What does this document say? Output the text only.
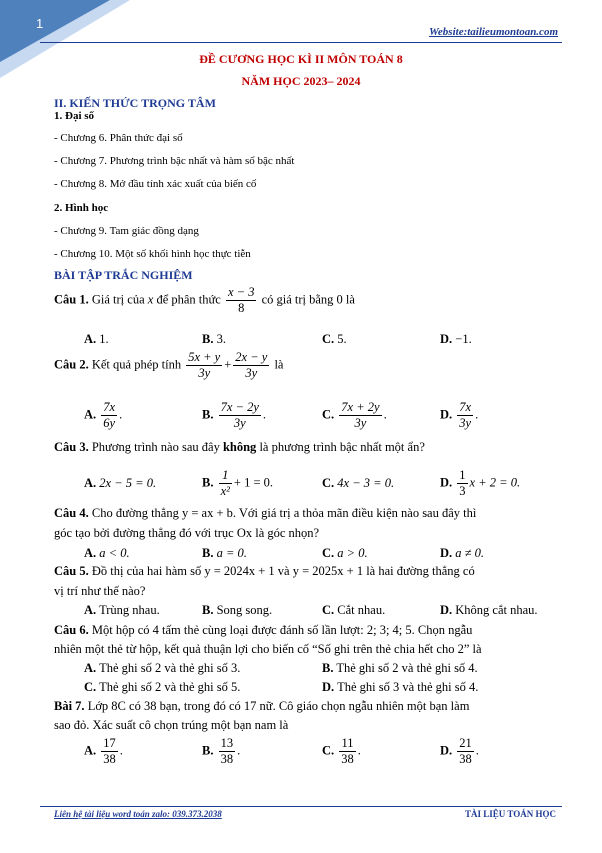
1
Website:tailieumontoan.com
ĐỀ CƯƠNG HỌC KÌ II MÔN TOÁN 8
NĂM HỌC 2023– 2024
II. KIẾN THỨC TRỌNG TÂM
1. Đại số
- Chương 6. Phân thức đại số
- Chương 7. Phương trình bậc nhất và hàm số bậc nhất
- Chương 8. Mở đầu tính xác xuất của biến cố
2. Hình học
- Chương 9. Tam giác đồng dạng
- Chương 10. Một số khối hình học thực tiễn
BÀI TẬP TRẮC NGHIỆM
Câu 1. Giá trị của x để phân thức $\frac{x - 3}{8}$ có giá trị bằng 0 là
A. 1.	B. 3.	C. 5.	D. −1.
Câu 2. Kết quả phép tính $\frac{5x + y}{3y} + \frac{2x - y}{3y}$ là
A. $\frac{7x}{6y}$ .	B. $\frac{7x - 2y}{3y}$ .	C. $\frac{7x + 2y}{3y}$ .	D. $\frac{7x}{3y}$ .
Câu 3. Phương trình nào sau đây không là phương trình bậc nhất một ẩn?
A. 2x − 5 = 0.	B. $\frac{1}{\text{x²}} + 1 = 0$.	C. 4x − 3 = 0.	D. $\frac{1}{3}$ x + 2 = 0.
Câu 4. Cho đường thẳng y = ax + b. Với giá trị a thỏa mãn điều kiện nào sau đây thì
góc tạo bởi đường thẳng đó với trục Ox là góc nhọn?
A. a < 0.	B. a = 0.	C. a > 0.	D. a ≠ 0.
Câu 5. Đồ thị của hai hàm số y = 2024x + 1 và y = 2025x + 1 là hai đường thẳng có
vị trí như thế nào?
A. Trùng nhau.	B. Song song.	C. Cắt nhau.	D. Không cắt nhau.
Câu 6. Một hộp có 4 tấm thẻ cùng loại được đánh số lần lượt: 2; 3; 4; 5. Chọn ngẫu
nhiên một thẻ từ hộp, kết quả thuận lợi cho biến cố “Số ghi trên thẻ chia hết cho 2” là
A. Thẻ ghi số 2 và thẻ ghi số 3.	B. Thẻ ghi số 2 và thẻ ghi số 4.
C. Thẻ ghi số 2 và thẻ ghi số 5.	D. Thẻ ghi số 3 và thẻ ghi số 4.
Bài 7. Lớp 8C có 38 bạn, trong đó có 17 nữ. Cô giáo chọn ngẫu nhiên một bạn làm
sao đỏ. Xác suất cô chọn trúng một bạn nam là
A. $\frac{17}{38}$ .	B. $\frac{13}{38}$ .	C. $\frac{11}{38}$ .	D. $\frac{21}{38}$ .
Liên hệ tài liệu word toán zalo: 039.373.2038	TÀI LIỆU TOÁN HỌC
